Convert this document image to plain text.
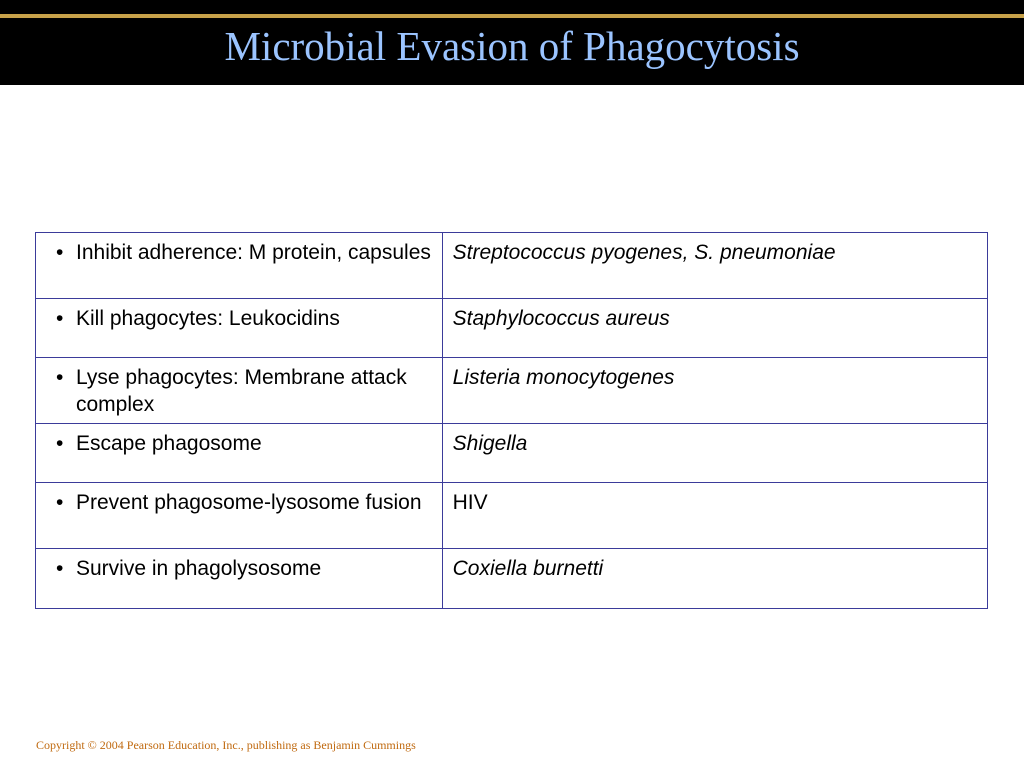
Microbial Evasion of Phagocytosis
• Inhibit adherence: M protein, capsules	Streptococcus pyogenes, S. pneumoniae

• Kill phagocytes: Leukocidins	Staphylococcus aureus

• Lyse phagocytes: Membrane attack complex	Listeria monocytogenes

• Escape phagosome	Shigella

• Prevent phagosome-lysosome fusion	HIV

• Survive in phagolysosome	Coxiella burnetti
Copyright © 2004 Pearson Education, Inc., publishing as Benjamin Cummings
